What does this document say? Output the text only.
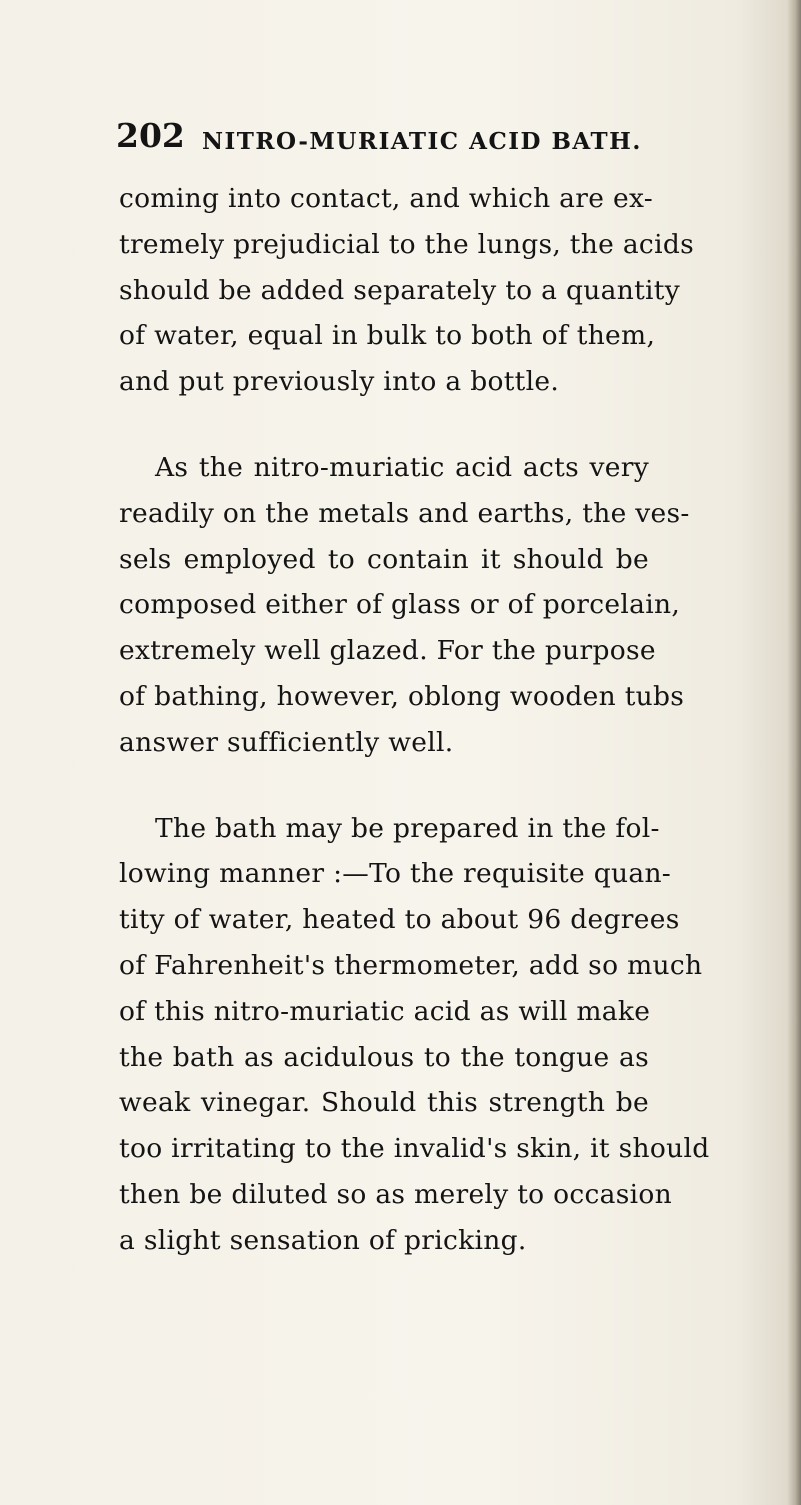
202 NITRO-MURIATIC ACID BATH.
coming into contact, and which are ex-
tremely prejudicial to the lungs, the acids
should be added separately to a quantity
of water, equal in bulk to both of them,
and put previously into a bottle.
As the nitro-muriatic acid acts very
readily on the metals and earths, the ves-
sels employed to contain it should be
composed either of glass or of porcelain,
extremely well glazed. For the purpose
of bathing, however, oblong wooden tubs
answer sufficiently well.
The bath may be prepared in the fol-
lowing manner :—To the requisite quan-
tity of water, heated to about 96 degrees
of Fahrenheit's thermometer, add so much
of this nitro-muriatic acid as will make
the bath as acidulous to the tongue as
weak vinegar. Should this strength be
too irritating to the invalid's skin, it should
then be diluted so as merely to occasion
a slight sensation of pricking.
